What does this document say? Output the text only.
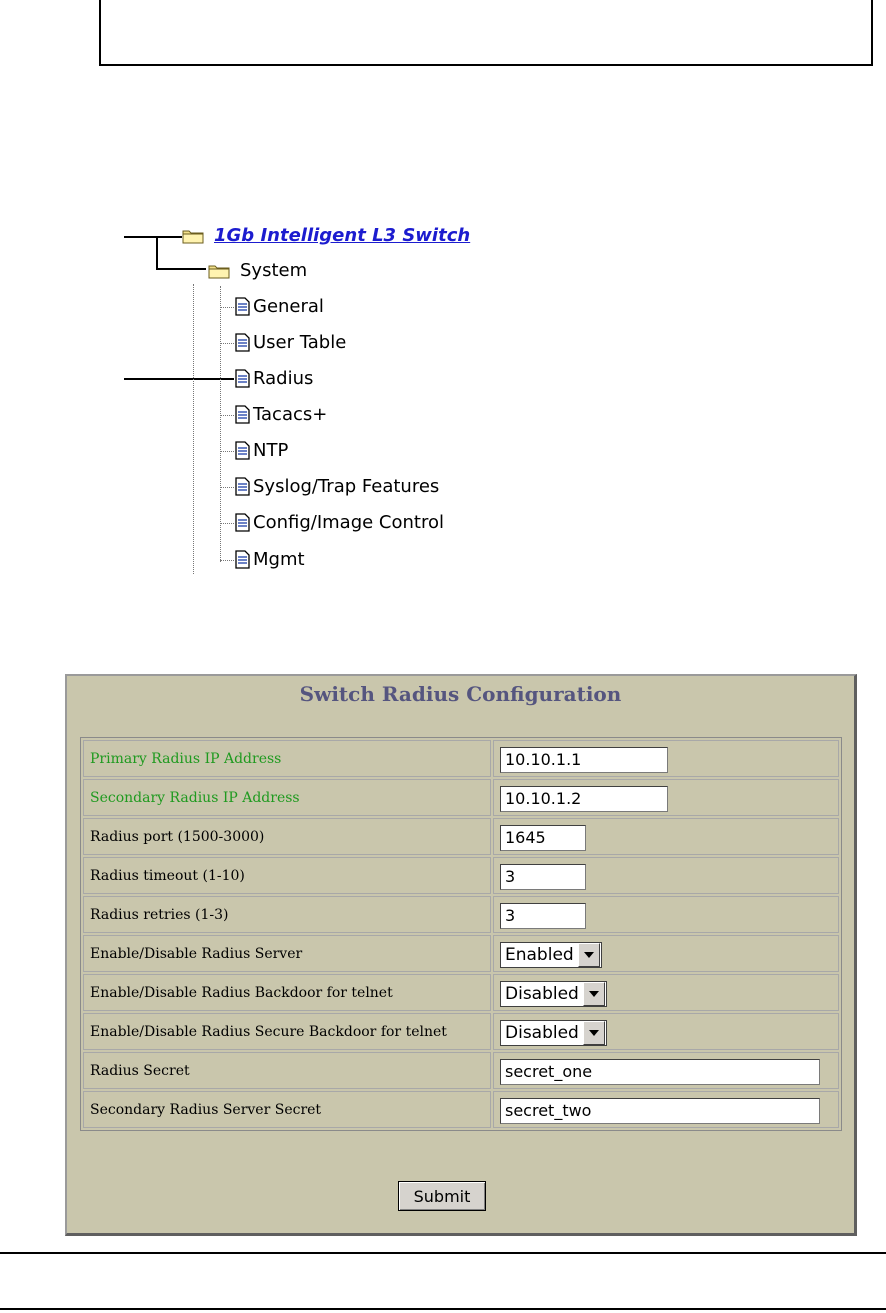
1Gb Intelligent L3 Switch
System
General
User Table
Radius
Tacacs+
NTP
Syslog/Trap Features
Config/Image Control
Mgmt
Switch Radius Configuration
Primary Radius IP Address	10.10.1.1
Secondary Radius IP Address	10.10.1.2
Radius port (1500-3000)	1645
Radius timeout (1-10)	3
Radius retries (1-3)	3
Enable/Disable Radius Server	Enabled

Enable/Disable Radius Backdoor for telnet	Disabled

Enable/Disable Radius Secure Backdoor for telnet	Disabled

Radius Secret	secret_one
Secondary Radius Server Secret	secret_two
Submit
